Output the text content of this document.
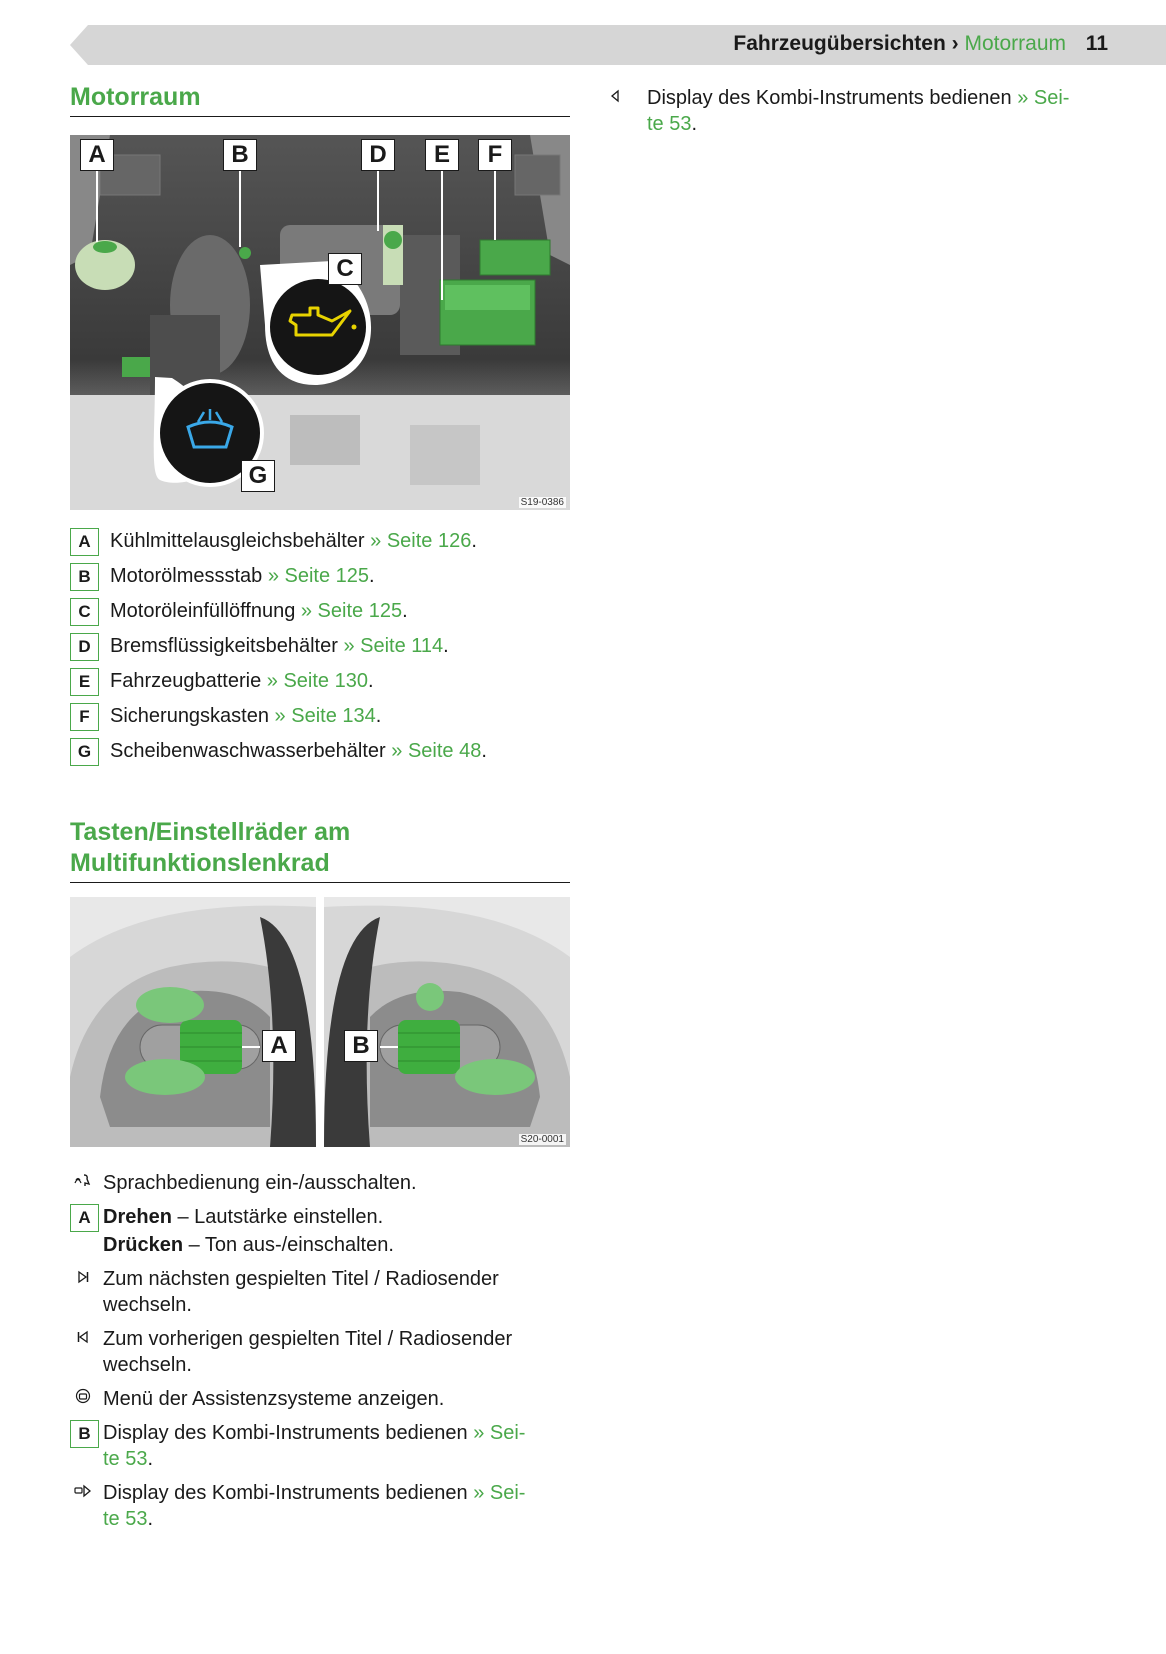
Fahrzeugübersichten › Motorraum 11
Motorraum
A	B	D	E	F
C
G
S19-0386
A Kühlmittelausgleichsbehälter » Seite 126.
B Motorölmessstab » Seite 125.
C Motoröleinfüllöffnung » Seite 125.
D Bremsflüssigkeitsbehälter » Seite 114.
E Fahrzeugbatterie » Seite 130.
F	Sicherungskasten » Seite 134.
G Scheibenwaschwasserbehälter » Seite 48.
Tasten/Einstellräder am
Multifunktionslenkrad
A	B
S20-0001
Sprachbedienung ein-/ausschalten.
A Drehen – Lautstärke einstellen.
Drücken – Ton aus-/einschalten.
Zum nächsten gespielten Titel / Radiosender wechseln.
Zum vorherigen gespielten Titel / Radiosender wechseln.
Menü der Assistenzsysteme anzeigen.
B Display des Kombi-Instruments bedienen » Sei-
te 53.
Display des Kombi-Instruments bedienen » Sei-
te 53.
Display des Kombi-Instruments bedienen » Sei-
te 53.
